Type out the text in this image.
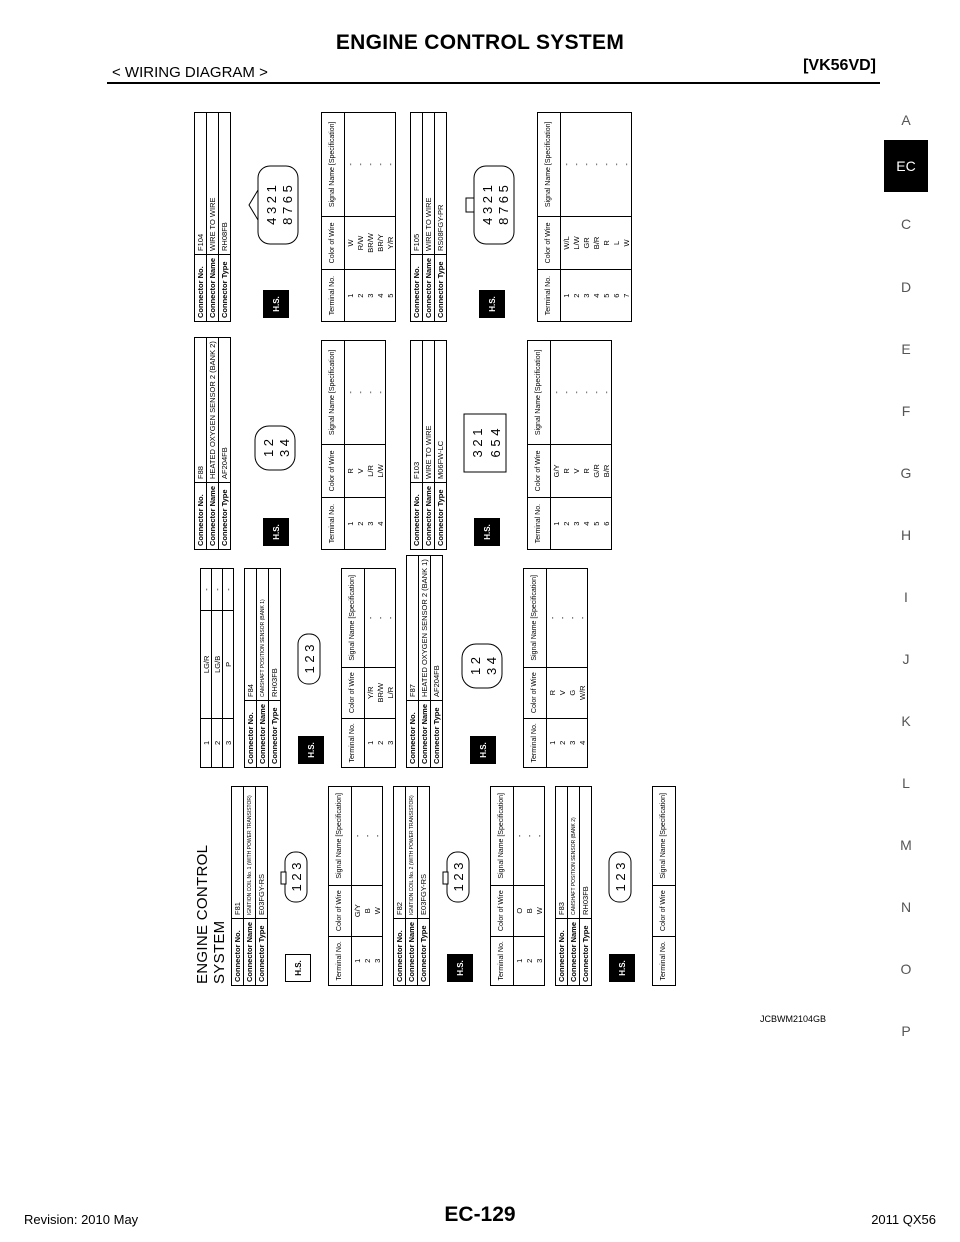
ENGINE CONTROL SYSTEM
< WIRING DIAGRAM >	[VK56VD]
A
EC
C
D
E
F
G
H
I
J
K
L
M
N
O
P
ENGINE CONTROL SYSTEM Connector No.	F81
Connector Name	IGNITION COIL No. 1 (WITH POWER TRANSISTOR)
Connector Type	E03FGY-RS
H.S.
1 2 3
Terminal No.	Color of Wire	Signal Name [Specification]
1	G/Y	-
2	B	-
3	W	-
Connector No.	F82
Connector Name	IGNITION COIL No. 2 (WITH POWER TRANSISTOR)
Connector Type	E03FGY-RS
H.S.
1 2 3
Terminal No.	Color of Wire	Signal Name [Specification]
1	O	-
2	B	-
3	W	-
Connector No.	F83
Connector Name	CAMSHAFT POSITION SENSOR (BANK 2)
Connector Type	RH03FB
H.S.
1 2 3
Terminal No.	Color of Wire	Signal Name [Specification]
1	LG/R	-
2	LG/B	-
3	P	-
Connector No.	F84
Connector Name	CAMSHAFT POSITION SENSOR (BANK 1)
Connector Type	RH03FB
H.S.
1 2 3
Terminal No.	Color of Wire	Signal Name [Specification]
1	Y/R	-
2	BR/W	-
3	L/R	-
Connector No.	F87
Connector Name	HEATED OXYGEN SENSOR 2 (BANK 1)
Connector Type	AF204FB
H.S.
1 2 3 4
Terminal No.	Color of Wire	Signal Name [Specification]
1	R	-
2	V	-
3	G	-
4	W/R	-
Connector No.	F88
Connector Name	HEATED OXYGEN SENSOR 2 (BANK 2)
Connector Type	AF204FB
H.S.
1 2 3 4
Terminal No.	Color of Wire	Signal Name [Specification]
1	R	-
2	V	-
3	L/R	-
4	L/W	-
Connector No.	F103
Connector Name	WIRE TO WIRE
Connector Type	M06FW-LC
H.S.
3 2 1 6 5 4
Terminal No.	Color of Wire	Signal Name [Specification]
1	G/Y	-
2	R	-
3	V	-
4	R	-
5	G/R	-
6	B/R	-
Connector No.	F104
Connector Name	WIRE TO WIRE
Connector Type	RH08FB
H.S.
4 3 2 1 8 7 6 5
Terminal No.	Color of Wire	Signal Name [Specification]
1	W	-
2	R/W	-
3	BR/W	-
4	BR/Y	-
5	Y/R	-
Connector No.	F105
Connector Name	WIRE TO WIRE
Connector Type	RS08FGY-PR
H.S.
4 3 2 1 8 7 6 5
Terminal No.	Color of Wire	Signal Name [Specification]
1	W/L	-
2	L/W	-
3	GR	-
4	B/R	-
5	R	-
6	L	-
7	W	-
JCBWM2104GB
Revision: 2010 May	EC-129	2011 QX56
